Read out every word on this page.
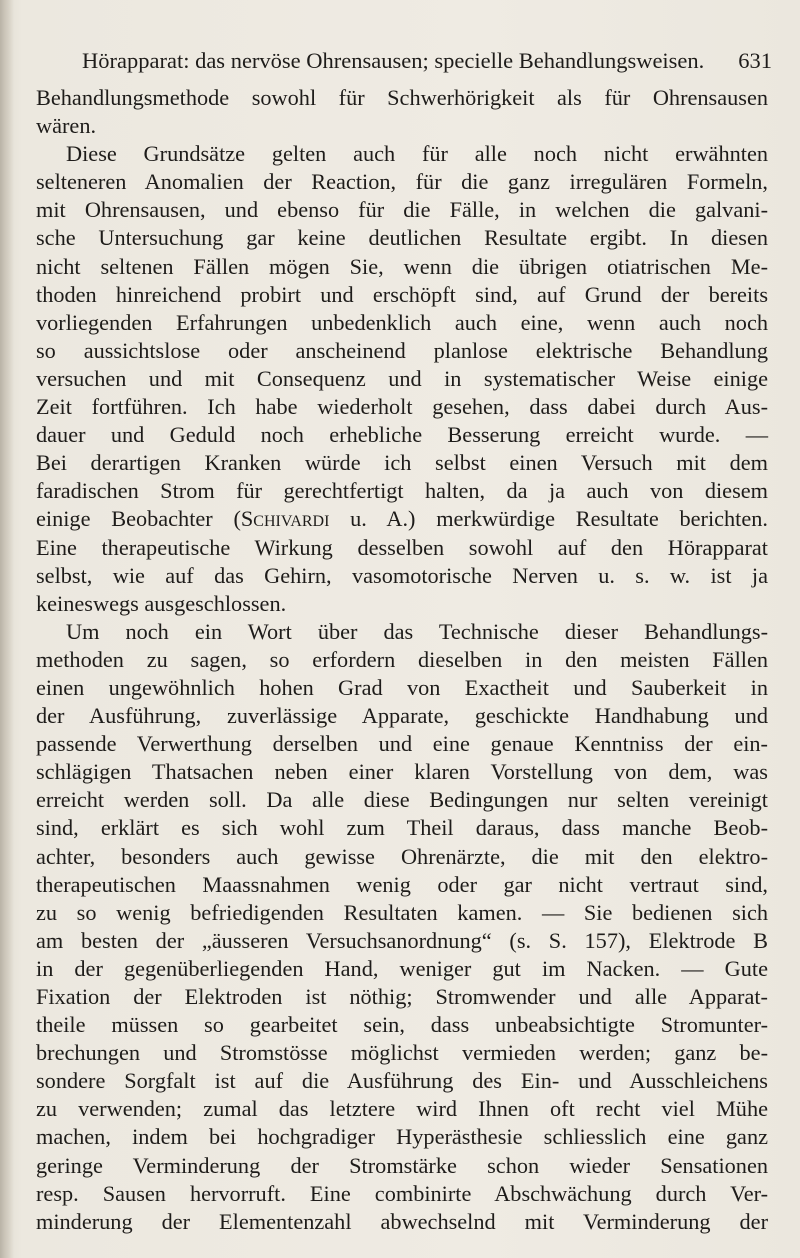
Hörapparat: das nervöse Ohrensausen; specielle Behandlungsweisen. 631
Behandlungsmethode sowohl für Schwerhörigkeit als für Ohrensausen
wären.
Diese Grundsätze gelten auch für alle noch nicht erwähnten
selteneren Anomalien der Reaction, für die ganz irregulären Formeln,
mit Ohrensausen, und ebenso für die Fälle, in welchen die galvani-
sche Untersuchung gar keine deutlichen Resultate ergibt. In diesen
nicht seltenen Fällen mögen Sie, wenn die übrigen otiatrischen Me-
thoden hinreichend probirt und erschöpft sind, auf Grund der bereits
vorliegenden Erfahrungen unbedenklich auch eine, wenn auch noch
so aussichtslose oder anscheinend planlose elektrische Behandlung
versuchen und mit Consequenz und in systematischer Weise einige
Zeit fortführen. Ich habe wiederholt gesehen, dass dabei durch Aus-
dauer und Geduld noch erhebliche Besserung erreicht wurde. —
Bei derartigen Kranken würde ich selbst einen Versuch mit dem
faradischen Strom für gerechtfertigt halten, da ja auch von diesem
einige Beobachter (Schivardi u. A.) merkwürdige Resultate berichten.
Eine therapeutische Wirkung desselben sowohl auf den Hörapparat
selbst, wie auf das Gehirn, vasomotorische Nerven u. s. w. ist ja
keineswegs ausgeschlossen.
Um noch ein Wort über das Technische dieser Behandlungs-
methoden zu sagen, so erfordern dieselben in den meisten Fällen
einen ungewöhnlich hohen Grad von Exactheit und Sauberkeit in
der Ausführung, zuverlässige Apparate, geschickte Handhabung und
passende Verwerthung derselben und eine genaue Kenntniss der ein-
schlägigen Thatsachen neben einer klaren Vorstellung von dem, was
erreicht werden soll. Da alle diese Bedingungen nur selten vereinigt
sind, erklärt es sich wohl zum Theil daraus, dass manche Beob-
achter, besonders auch gewisse Ohrenärzte, die mit den elektro-
therapeutischen Maassnahmen wenig oder gar nicht vertraut sind,
zu so wenig befriedigenden Resultaten kamen. — Sie bedienen sich
am besten der „äusseren Versuchsanordnung“ (s. S. 157), Elektrode B
in der gegenüberliegenden Hand, weniger gut im Nacken. — Gute
Fixation der Elektroden ist nöthig; Stromwender und alle Apparat-
theile müssen so gearbeitet sein, dass unbeabsichtigte Stromunter-
brechungen und Stromstösse möglichst vermieden werden; ganz be-
sondere Sorgfalt ist auf die Ausführung des Ein- und Ausschleichens
zu verwenden; zumal das letztere wird Ihnen oft recht viel Mühe
machen, indem bei hochgradiger Hyperästhesie schliesslich eine ganz
geringe Verminderung der Stromstärke schon wieder Sensationen
resp. Sausen hervorruft. Eine combinirte Abschwächung durch Ver-
minderung der Elementenzahl abwechselnd mit Verminderung der
